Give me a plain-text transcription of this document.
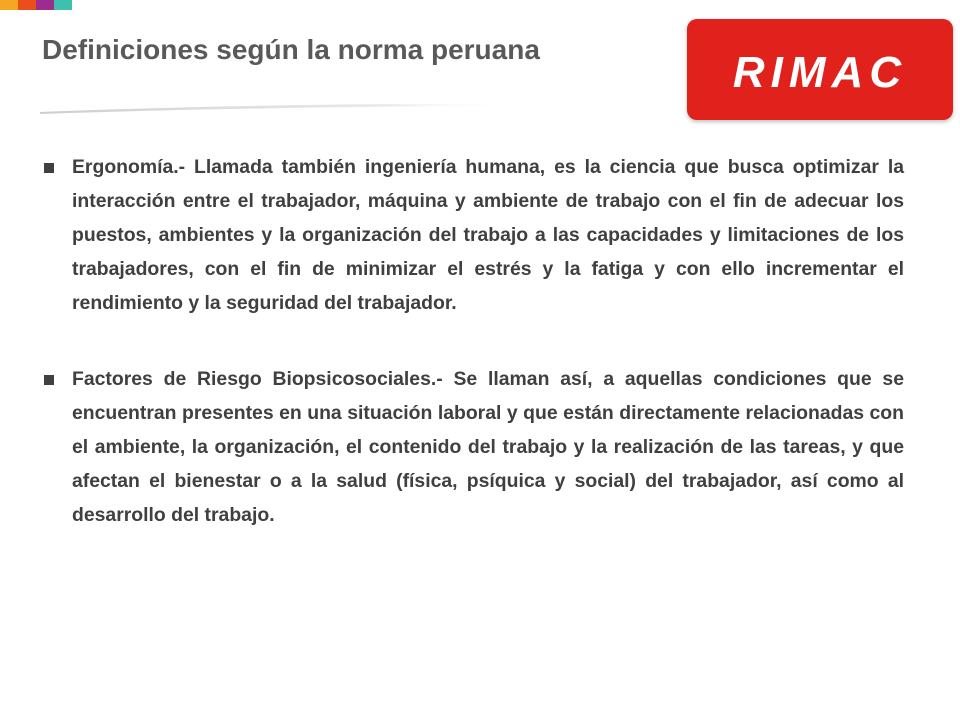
Definiciones según la norma peruana	RIMAC
Ergonomía.- Llamada también ingeniería humana, es la ciencia que busca optimizar la interacción entre el trabajador, máquina y ambiente de trabajo con el fin de adecuar los puestos, ambientes y la organización del trabajo a las capacidades y limitaciones de los trabajadores, con el fin de minimizar el estrés y la fatiga y con ello incrementar el rendimiento y la seguridad del trabajador.
Factores de Riesgo Biopsicosociales.- Se llaman así, a aquellas condiciones que se encuentran presentes en una situación laboral y que están directamente relacionadas con el ambiente, la organización, el contenido del trabajo y la realización de las tareas, y que afectan el bienestar o a la salud (física, psíquica y social) del trabajador, así como al desarrollo del trabajo.
